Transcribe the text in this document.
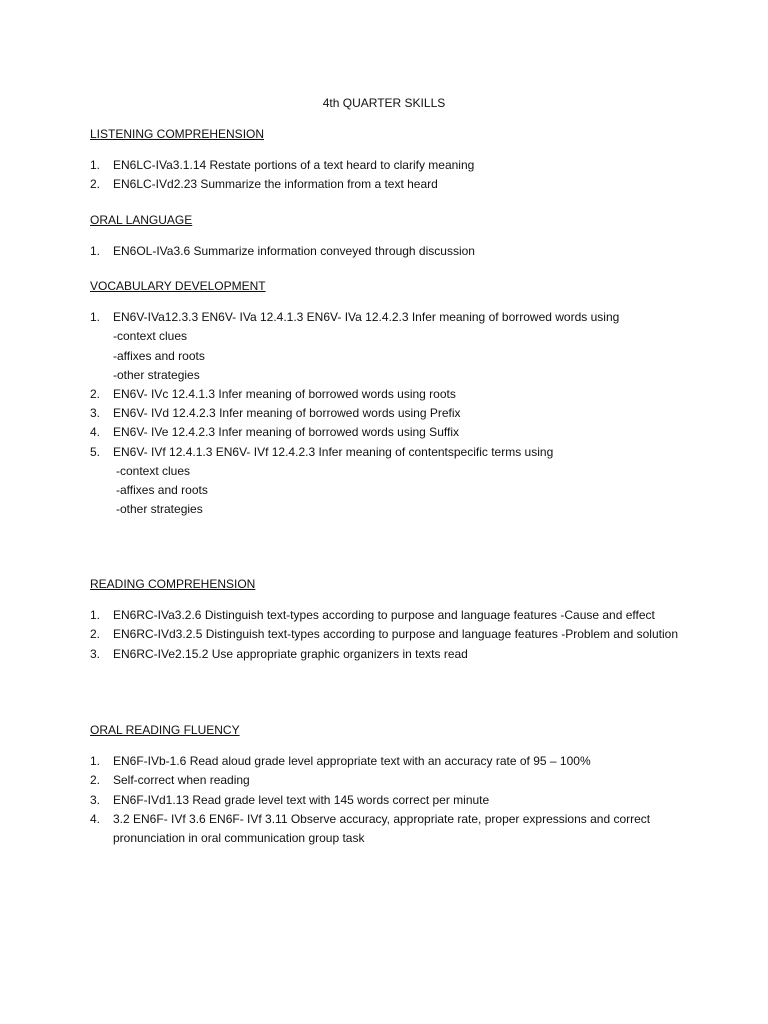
4th QUARTER SKILLS
LISTENING COMPREHENSION
1. EN6LC-IVa3.1.14 Restate portions of a text heard to clarify meaning
2. EN6LC-IVd2.23 Summarize the information from a text heard
ORAL LANGUAGE
1. EN6OL-IVa3.6 Summarize information conveyed through discussion
VOCABULARY DEVELOPMENT
1. EN6V-IVa12.3.3 EN6V- IVa 12.4.1.3 EN6V- IVa 12.4.2.3 Infer meaning of borrowed words using
-context clues
-affixes and roots
-other strategies
2. EN6V- IVc 12.4.1.3 Infer meaning of borrowed words using roots
3. EN6V- IVd 12.4.2.3 Infer meaning of borrowed words using Prefix
4. EN6V- IVe 12.4.2.3 Infer meaning of borrowed words using Suffix
5. EN6V- IVf 12.4.1.3 EN6V- IVf 12.4.2.3 Infer meaning of contentspecific terms using
-context clues
-affixes and roots
-other strategies
READING COMPREHENSION
1. EN6RC-IVa3.2.6 Distinguish text-types according to purpose and language features -Cause and effect
2. EN6RC-IVd3.2.5 Distinguish text-types according to purpose and language features -Problem and solution
3. EN6RC-IVe2.15.2 Use appropriate graphic organizers in texts read
ORAL READING FLUENCY
1. EN6F-IVb-1.6 Read aloud grade level appropriate text with an accuracy rate of 95 – 100%
2. Self-correct when reading
3. EN6F-IVd1.13 Read grade level text with 145 words correct per minute
4. 3.2 EN6F- IVf 3.6 EN6F- IVf 3.11 Observe accuracy, appropriate rate, proper expressions and correct pronunciation in oral communication group task
